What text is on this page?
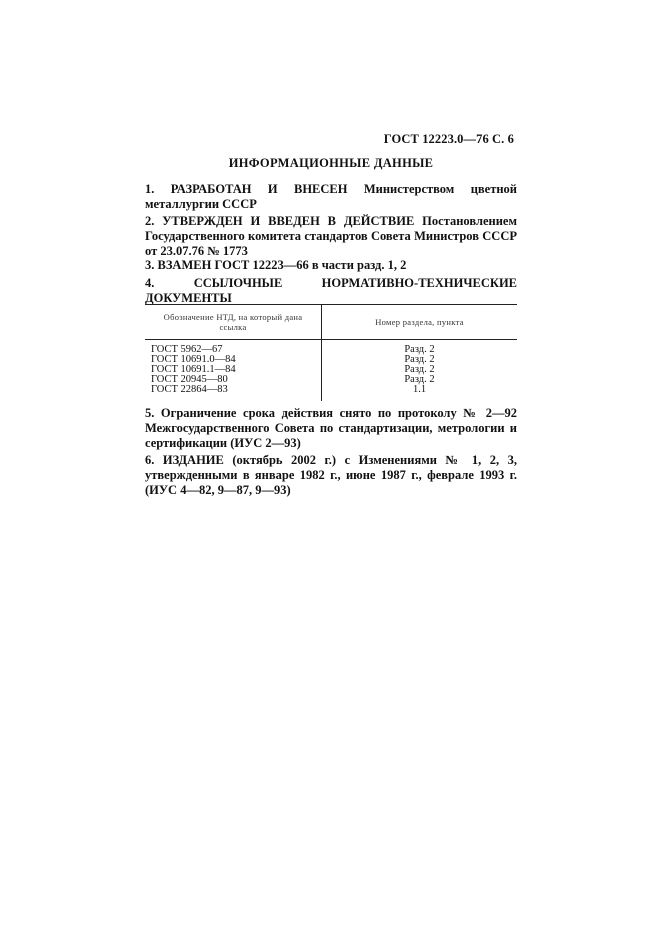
ГОСТ 12223.0—76 С. 6
ИНФОРМАЦИОННЫЕ ДАННЫЕ
1. РАЗРАБОТАН И ВНЕСЕН Министерством цветной металлургии СССР
2. УТВЕРЖДЕН И ВВЕДЕН В ДЕЙСТВИЕ Постановлением Государственного комитета стандартов Совета Министров СССР от 23.07.76 № 1773
3. ВЗАМЕН ГОСТ 12223—66 в части разд. 1, 2
4.	ССЫЛОЧНЫЕ НОРМАТИВНО-ТЕХНИЧЕСКИЕ ДОКУМЕНТЫ
Обозначение НТД, на который дана ссылка	Номер раздела, пункта
ГОСТ 5962—67	Разд. 2
ГОСТ 10691.0—84	Разд. 2
ГОСТ 10691.1—84	Разд. 2
ГОСТ 20945—80	Разд. 2
ГОСТ 22864—83	1.1
5. Ограничение срока действия снято по протоколу № 2—92 Межгосударственного Совета по стандартизации, метрологии и сертификации (ИУС 2—93)
6. ИЗДАНИЕ (октябрь 2002 г.) с Изменениями № 1, 2, 3, утвержденными в январе 1982 г., июне 1987 г., феврале 1993 г. (ИУС 4—82, 9—87, 9—93)
